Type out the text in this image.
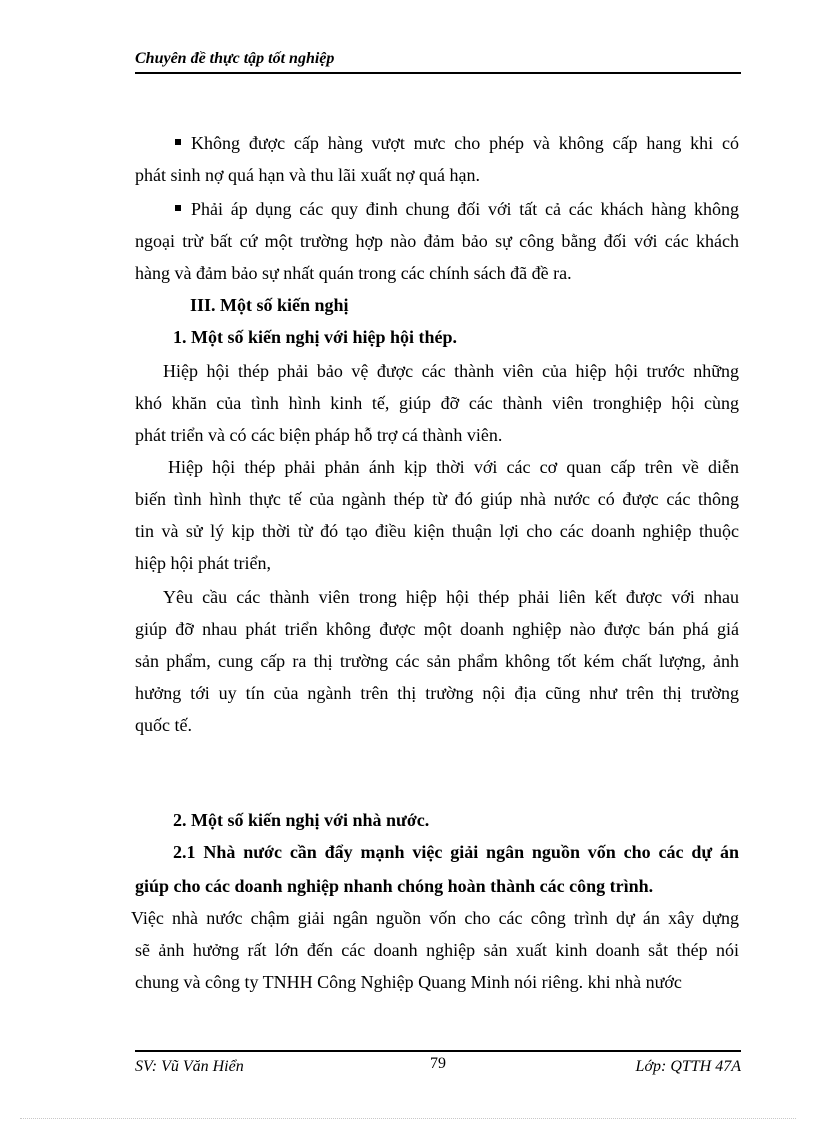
Chuyên đề thực tập tốt nghiệp
Không được cấp hàng vượt mưc cho phép và không cấp hang khi có
phát sinh nợ quá hạn và thu lãi xuất nợ quá hạn.
Phải áp dụng các quy đinh chung đối với tất cả các khách hàng không
ngoại trừ bất cứ một trường hợp nào đảm bảo sự công bằng đối với các khách
hàng và đảm bảo sự nhất quán trong các chính sách đã đề ra.
III. Một số kiến nghị
1. Một số kiến nghị với hiệp hội thép.
Hiệp hội thép phải bảo vệ được các thành viên của hiệp hội trước những
khó khăn của tình hình kinh tế, giúp đỡ các thành viên tronghiệp hội cùng
phát triển và có các biện pháp hỗ trợ cá thành viên.
Hiệp hội thép phải phản ánh kịp thời với các cơ quan cấp trên về diễn
biến tình hình thực tế của ngành thép từ đó giúp nhà nước có được các thông
tin và sử lý kịp thời từ đó tạo điều kiện thuận lợi cho các doanh nghiệp thuộc
hiệp hội phát triển,
Yêu cầu các thành viên trong hiệp hội thép phải liên kết được với nhau
giúp đỡ nhau phát triển không được một doanh nghiệp nào được bán phá giá
sản phẩm, cung cấp ra thị trường các sản phẩm không tốt kém chất lượng, ảnh
hưởng tới uy tín của ngành trên thị trường nội địa cũng như trên thị trường
quốc tế.
2. Một số kiến nghị với nhà nước.
2.1 Nhà nước cần đẩy mạnh việc giải ngân nguồn vốn cho các dự án
giúp cho các doanh nghiệp nhanh chóng hoàn thành các công trình.
Việc nhà nước chậm giải ngân nguồn vốn cho các công trình dự án xây dựng
sẽ ảnh hưởng rất lớn đến các doanh nghiệp sản xuất kinh doanh sắt thép nói
chung và công ty TNHH Công Nghiệp Quang Minh nói riêng. khi nhà nước
SV: Vũ Văn Hiển	79	Lớp: QTTH 47A
